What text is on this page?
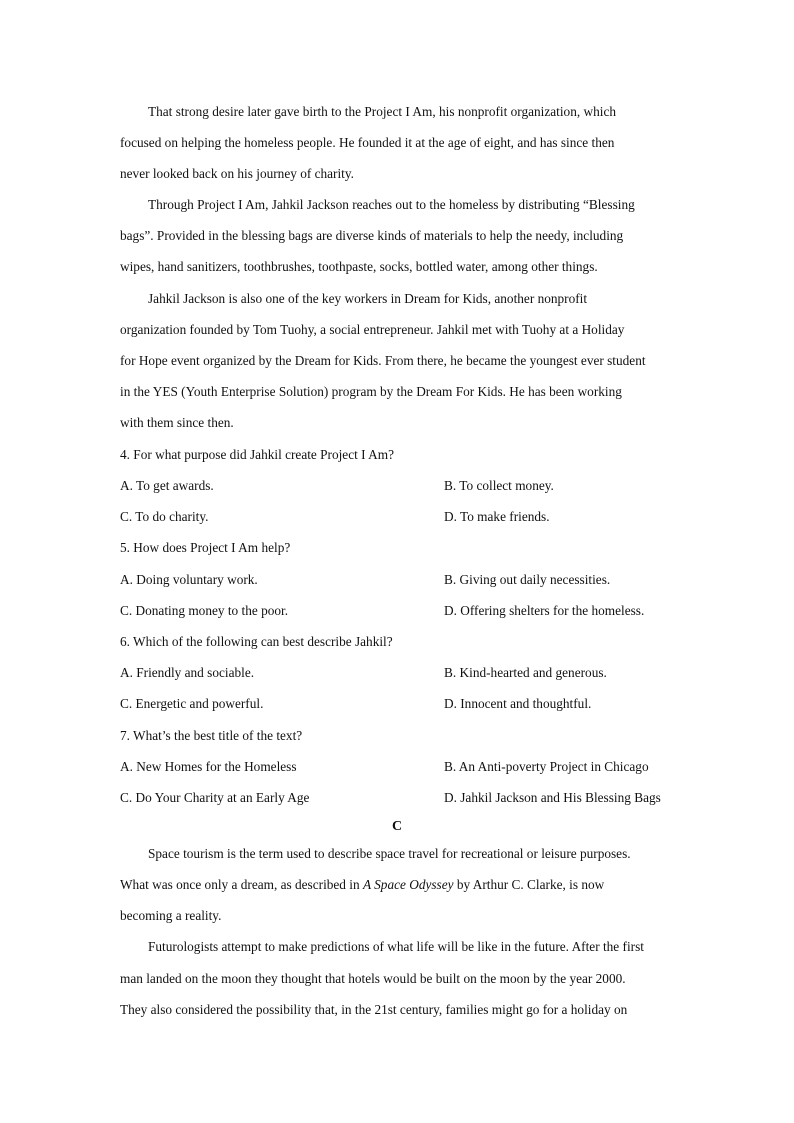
That strong desire later gave birth to the Project I Am, his nonprofit organization, which
focused on helping the homeless people. He founded it at the age of eight, and has since then
never looked back on his journey of charity.
Through Project I Am, Jahkil Jackson reaches out to the homeless by distributing “Blessing
bags”. Provided in the blessing bags are diverse kinds of materials to help the needy, including
wipes, hand sanitizers, toothbrushes, toothpaste, socks, bottled water, among other things.
Jahkil Jackson is also one of the key workers in Dream for Kids, another nonprofit
organization founded by Tom Tuohy, a social entrepreneur. Jahkil met with Tuohy at a Holiday
for Hope event organized by the Dream for Kids. From there, he became the youngest ever student
in the YES (Youth Enterprise Solution) program by the Dream For Kids. He has been working
with them since then.
4. For what purpose did Jahkil create Project I Am?
A. To get awards.	B. To collect money.
C. To do charity.	D. To make friends.
5. How does Project I Am help?
A. Doing voluntary work.	B. Giving out daily necessities.
C. Donating money to the poor.	D. Offering shelters for the homeless.
6. Which of the following can best describe Jahkil?
A. Friendly and sociable.	B. Kind-hearted and generous.
C. Energetic and powerful.	D. Innocent and thoughtful.
7. What’s the best title of the text?
A. New Homes for the Homeless	B. An Anti-poverty Project in Chicago
C. Do Your Charity at an Early Age	D. Jahkil Jackson and His Blessing Bags
C
Space tourism is the term used to describe space travel for recreational or leisure purposes.
What was once only a dream, as described in A Space Odyssey by Arthur C. Clarke, is now
becoming a reality.
Futurologists attempt to make predictions of what life will be like in the future. After the first
man landed on the moon they thought that hotels would be built on the moon by the year 2000.
They also considered the possibility that, in the 21st century, families might go for a holiday on
